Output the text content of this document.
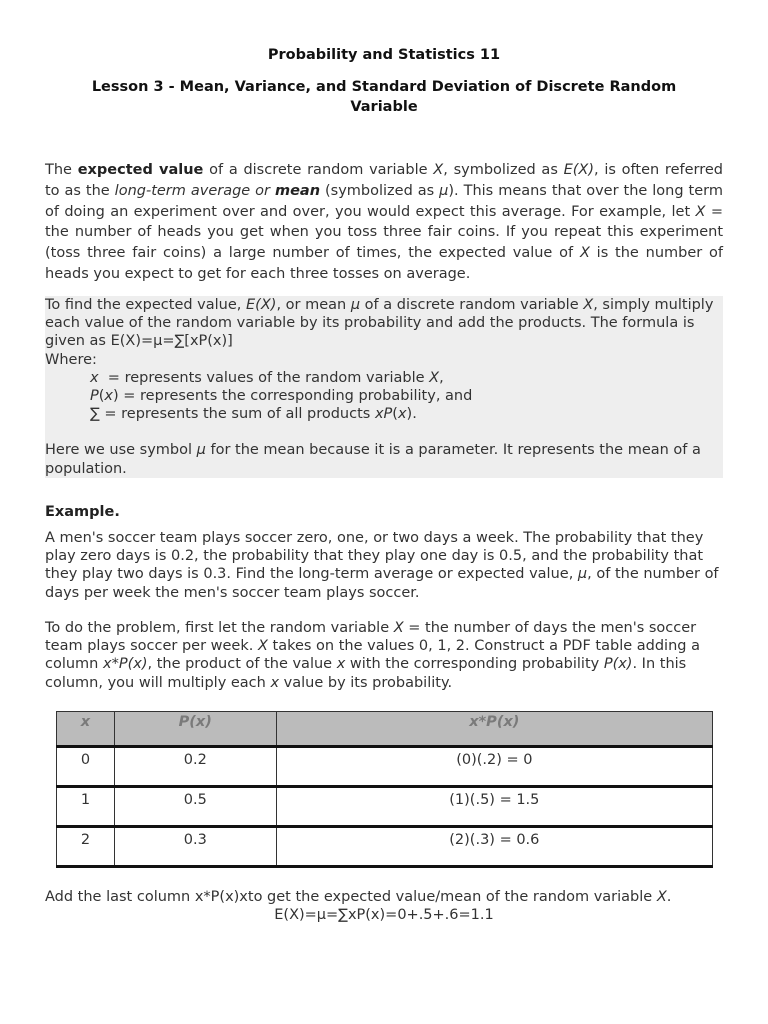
Probability and Statistics 11
Lesson 3 - Mean, Variance, and Standard Deviation of Discrete Random Variable
The expected value of a discrete random variable X, symbolized as E(X), is often referred to as the long-term average or mean (symbolized as μ). This means that over the long term of doing an experiment over and over, you would expect this average. For example, let X = the number of heads you get when you toss three fair coins. If you repeat this experiment (toss three fair coins) a large number of times, the expected value of X is the number of heads you expect to get for each three tosses on average.
To find the expected value, E(X), or mean μ of a discrete random variable X, simply multiply each value of the random variable by its probability and add the products. The formula is given as E(X)=μ=∑[xP(x)]
Where:
x  = represents values of the random variable X,
P(x) = represents the corresponding probability, and
∑ = represents the sum of all products xP(x).
Here we use symbol μ for the mean because it is a parameter. It represents the mean of a population.
Example.
A men's soccer team plays soccer zero, one, or two days a week. The probability that they play zero days is 0.2, the probability that they play one day is 0.5, and the probability that they play two days is 0.3. Find the long-term average or expected value, μ, of the number of days per week the men's soccer team plays soccer.
To do the problem, first let the random variable X = the number of days the men's soccer team plays soccer per week. X takes on the values 0, 1, 2. Construct a PDF table adding a column x*P(x), the product of the value x with the corresponding probability P(x). In this column, you will multiply each x value by its probability.
x	P(x)	x*P(x)
0	0.2	(0)(.2) = 0
1	0.5	(1)(.5) = 1.5
2	0.3	(2)(.3) = 0.6
Add the last column x*P(x)xto get the expected value/mean of the random variable X.
E(X)=μ=∑xP(x)=0+.5+.6=1.1
